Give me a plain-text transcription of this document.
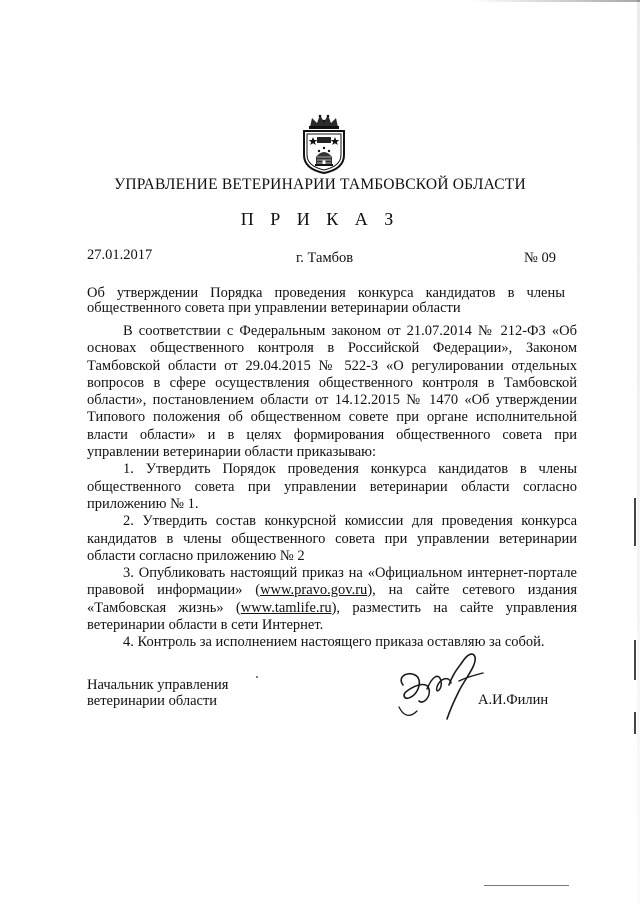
УПРАВЛЕНИЕ ВЕТЕРИНАРИИ ТАМБОВСКОЙ ОБЛАСТИ
П Р И К А З
27.01.2017	г. Тамбов	№ 09
Об утверждении Порядка проведения конкурса кандидатов в члены общественного совета при управлении ветеринарии области

В соответствии с Федеральным законом от 21.07.2014 № 212-ФЗ «Об основах общественного контроля в Российской Федерации», Законом Тамбовской области от 29.04.2015 № 522-З «О регулировании отдельных вопросов в сфере осуществления общественного контроля в Тамбовской области», постановлением области от 14.12.2015 № 1470 «Об утверждении Типового положения об общественном совете при органе исполнительной власти области» и в целях формирования общественного совета при управлении ветеринарии области приказываю:

1. Утвердить Порядок проведения конкурса кандидатов в члены общественного совета при управлении ветеринарии области согласно приложению № 1.

2. Утвердить состав конкурсной комиссии для проведения конкурса кандидатов в члены общественного совета при управлении ветеринарии области согласно приложению № 2

3. Опубликовать настоящий приказ на «Официальном интернет-портале правовой информации» (www.pravo.gov.ru), на сайте сетевого издания «Тамбовская жизнь» (www.tamlife.ru), разместить на сайте управления ветеринарии области в сети Интернет.

4. Контроль за исполнением настоящего приказа оставляю за собой.

Начальник управления
ветеринарии области	А.И.Филин
